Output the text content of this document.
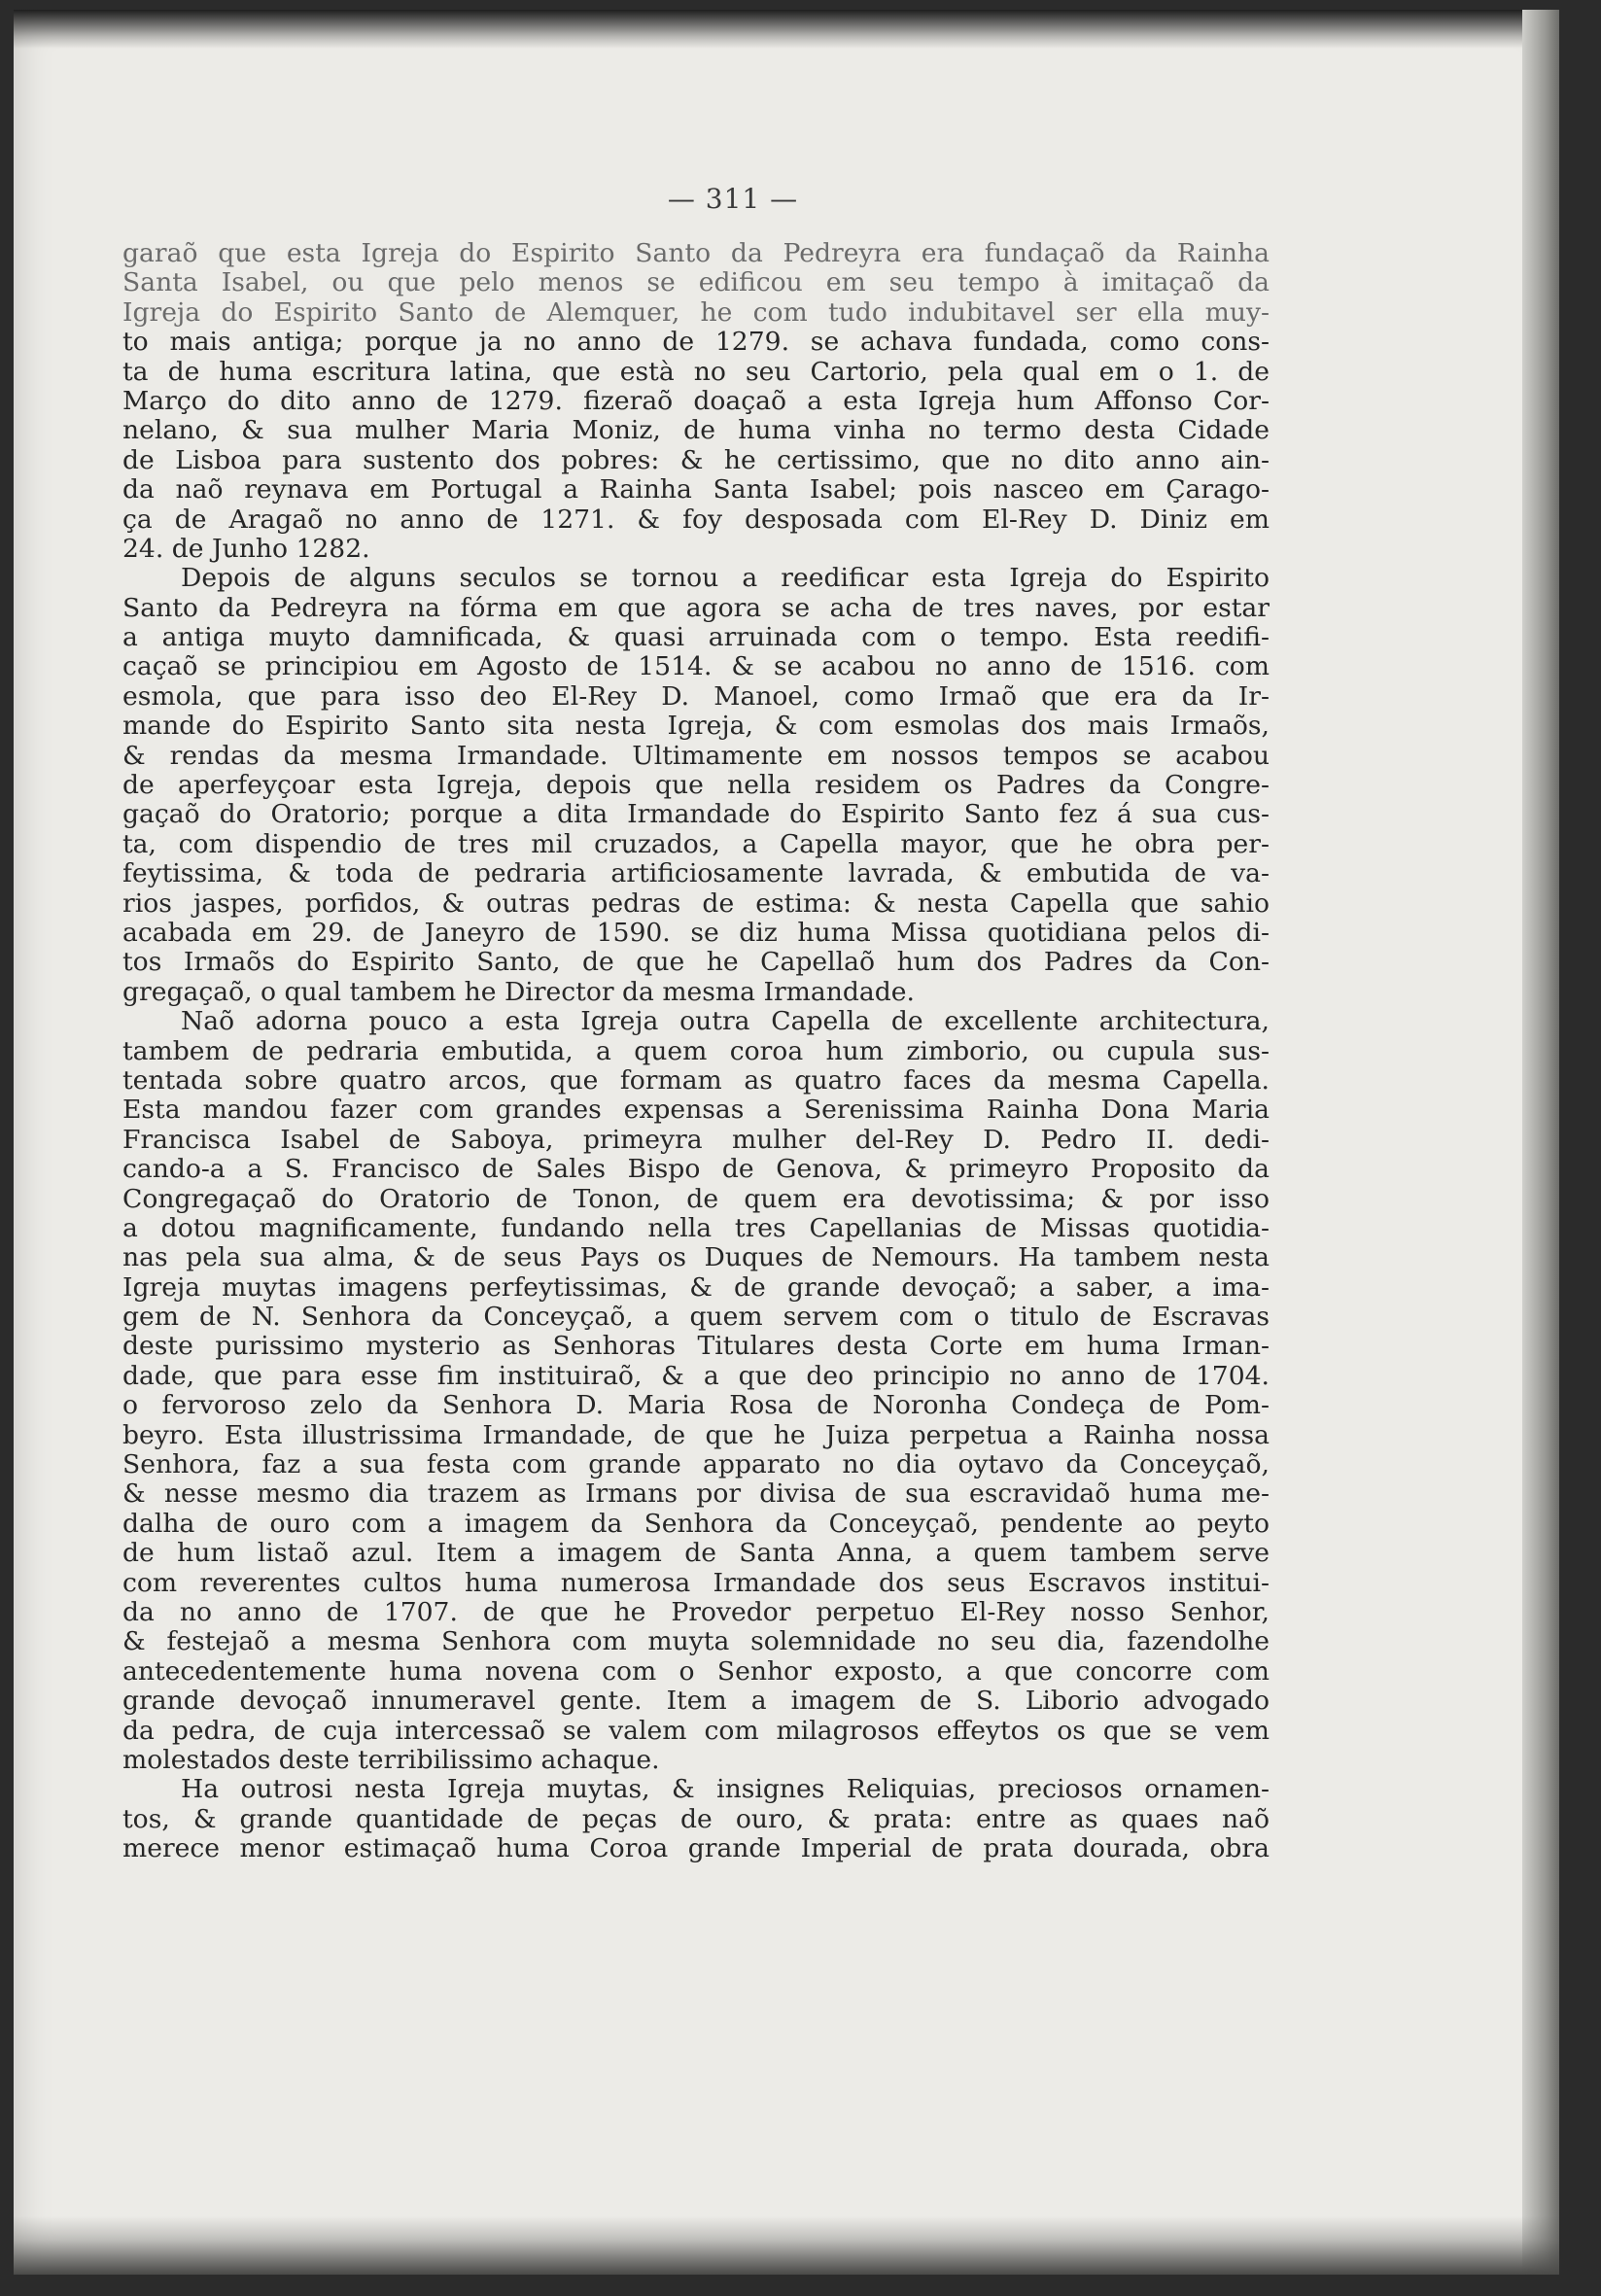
— 311 —
garaõ que esta Igreja do Espirito Santo da Pedreyra era fundaçaõ da Rainha
Santa Isabel, ou que pelo menos se edificou em seu tempo à imitaçaõ da
Igreja do Espirito Santo de Alemquer, he com tudo indubitavel ser ella muy-
to mais antiga; porque ja no anno de 1279. se achava fundada, como cons-
ta de huma escritura latina, que està no seu Cartorio, pela qual em o 1. de
Março do dito anno de 1279. fizeraõ doaçaõ a esta Igreja hum Affonso Cor-
nelano, & sua mulher Maria Moniz, de huma vinha no termo desta Cidade
de Lisboa para sustento dos pobres: & he certissimo, que no dito anno ain-
da naõ reynava em Portugal a Rainha Santa Isabel; pois nasceo em Çarago-
ça de Aragaõ no anno de 1271. & foy desposada com El-Rey D. Diniz em
24. de Junho 1282.
Depois de alguns seculos se tornou a reedificar esta Igreja do Espirito
Santo da Pedreyra na fórma em que agora se acha de tres naves, por estar
a antiga muyto damnificada, & quasi arruinada com o tempo. Esta reedifi-
caçaõ se principiou em Agosto de 1514. & se acabou no anno de 1516. com
esmola, que para isso deo El-Rey D. Manoel, como Irmaõ que era da Ir-
mande do Espirito Santo sita nesta Igreja, & com esmolas dos mais Irmaõs,
& rendas da mesma Irmandade. Ultimamente em nossos tempos se acabou
de aperfeyçoar esta Igreja, depois que nella residem os Padres da Congre-
gaçaõ do Oratorio; porque a dita Irmandade do Espirito Santo fez á sua cus-
ta, com dispendio de tres mil cruzados, a Capella mayor, que he obra per-
feytissima, & toda de pedraria artificiosamente lavrada, & embutida de va-
rios jaspes, porfidos, & outras pedras de estima: & nesta Capella que sahio
acabada em 29. de Janeyro de 1590. se diz huma Missa quotidiana pelos di-
tos Irmaõs do Espirito Santo, de que he Capellaõ hum dos Padres da Con-
gregaçaõ, o qual tambem he Director da mesma Irmandade.
Naõ adorna pouco a esta Igreja outra Capella de excellente architectura,
tambem de pedraria embutida, a quem coroa hum zimborio, ou cupula sus-
tentada sobre quatro arcos, que formam as quatro faces da mesma Capella.
Esta mandou fazer com grandes expensas a Serenissima Rainha Dona Maria
Francisca Isabel de Saboya, primeyra mulher del-Rey D. Pedro II. dedi-
cando-a a S. Francisco de Sales Bispo de Genova, & primeyro Proposito da
Congregaçaõ do Oratorio de Tonon, de quem era devotissima; & por isso
a dotou magnificamente, fundando nella tres Capellanias de Missas quotidia-
nas pela sua alma, & de seus Pays os Duques de Nemours. Ha tambem nesta
Igreja muytas imagens perfeytissimas, & de grande devoçaõ; a saber, a ima-
gem de N. Senhora da Conceyçaõ, a quem servem com o titulo de Escravas
deste purissimo mysterio as Senhoras Titulares desta Corte em huma Irman-
dade, que para esse fim instituiraõ, & a que deo principio no anno de 1704.
o fervoroso zelo da Senhora D. Maria Rosa de Noronha Condeça de Pom-
beyro. Esta illustrissima Irmandade, de que he Juiza perpetua a Rainha nossa
Senhora, faz a sua festa com grande apparato no dia oytavo da Conceyçaõ,
& nesse mesmo dia trazem as Irmans por divisa de sua escravidaõ huma me-
dalha de ouro com a imagem da Senhora da Conceyçaõ, pendente ao peyto
de hum listaõ azul. Item a imagem de Santa Anna, a quem tambem serve
com reverentes cultos huma numerosa Irmandade dos seus Escravos institui-
da no anno de 1707. de que he Provedor perpetuo El-Rey nosso Senhor,
& festejaõ a mesma Senhora com muyta solemnidade no seu dia, fazendolhe
antecedentemente huma novena com o Senhor exposto, a que concorre com
grande devoçaõ innumeravel gente. Item a imagem de S. Liborio advogado
da pedra, de cuja intercessaõ se valem com milagrosos effeytos os que se vem
molestados deste terribilissimo achaque.
Ha outrosi nesta Igreja muytas, & insignes Reliquias, preciosos ornamen-
tos, & grande quantidade de peças de ouro, & prata: entre as quaes naõ
merece menor estimaçaõ huma Coroa grande Imperial de prata dourada, obra
